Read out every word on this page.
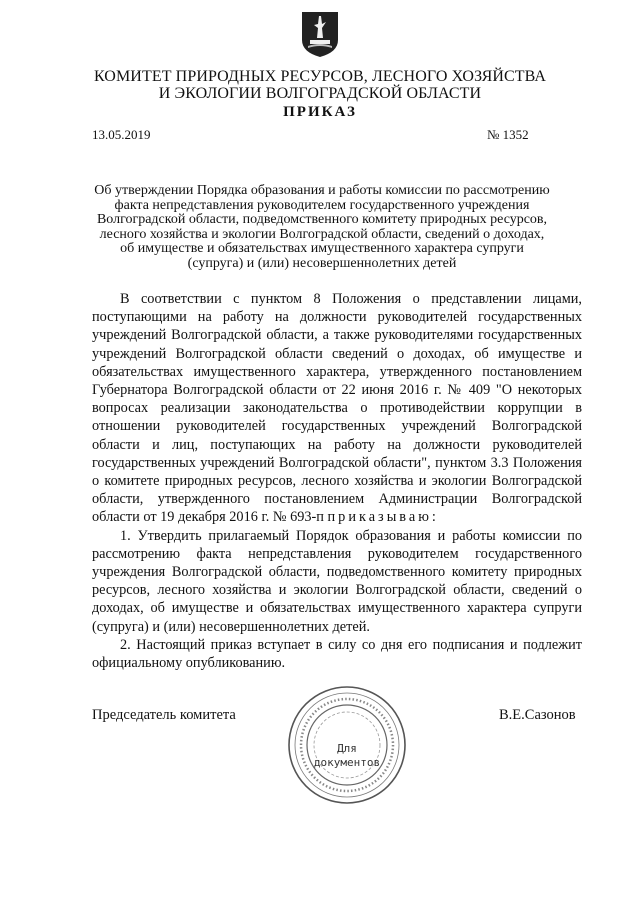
КОМИТЕТ ПРИРОДНЫХ РЕСУРСОВ, ЛЕСНОГО ХОЗЯЙСТВА
И ЭКОЛОГИИ ВОЛГОГРАДСКОЙ ОБЛАСТИ
ПРИКАЗ
13.05.2019	№ 1352
Об утверждении Порядка образования и работы комиссии по рассмотрению
факта непредставления руководителем государственного учреждения
Волгоградской области, подведомственного комитету природных ресурсов,
лесного хозяйства и экологии Волгоградской области, сведений о доходах,
об имуществе и обязательствах имущественного характера супруги
(супруга) и (или) несовершеннолетних детей

В соответствии с пунктом 8 Положения о представлении лицами, поступающими на работу на должности руководителей государственных учреждений Волгоградской области, а также руководителями государственных учреждений Волгоградской области сведений о доходах, об имуществе и обязательствах имущественного характера, утвержденного постановлением Губернатора Волгоградской области от 22 июня 2016 г. № 409 "О некоторых вопросах реализации законодательства о противодействии коррупции в отношении руководителей государственных учреждений Волгоградской области и лиц, поступающих на работу на должности руководителей государственных учреждений Волгоградской области", пунктом 3.3 Положения о комитете природных ресурсов, лесного хозяйства и экологии Волгоградской области, утвержденного постановлением Администрации Волгоградской области от 19 декабря 2016 г. № 693-п приказываю:

1. Утвердить прилагаемый Порядок образования и работы комиссии по рассмотрению факта непредставления руководителем государственного учреждения Волгоградской области, подведомственного комитету природных ресурсов, лесного хозяйства и экологии Волгоградской области, сведений о доходах, об имуществе и обязательствах имущественного характера супруги (супруга) и (или) несовершеннолетних детей.

2. Настоящий приказ вступает в силу со дня его подписания и подлежит официальному опубликованию.

Председатель комитета	В.Е.Сазонов
Для
документов
